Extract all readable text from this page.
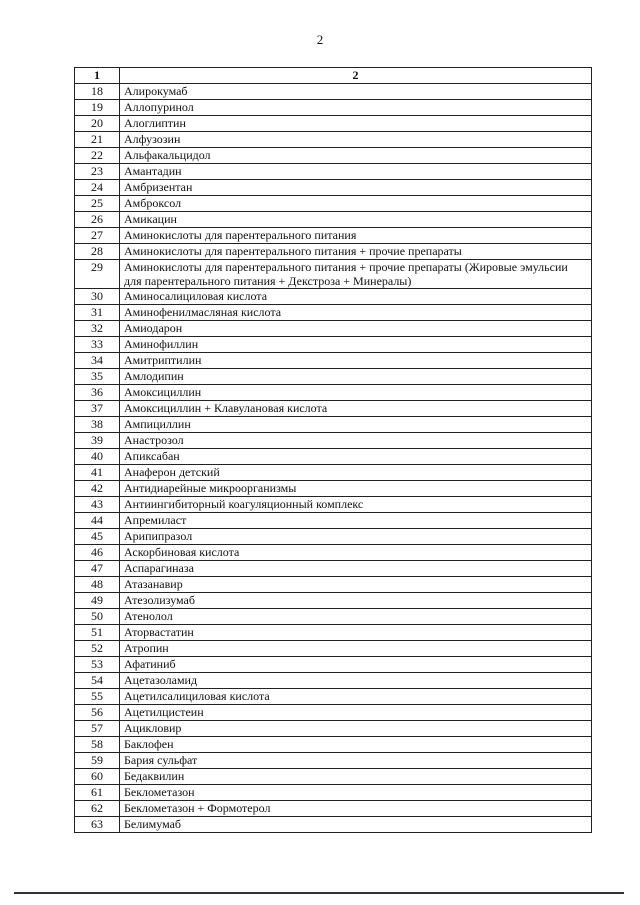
2
1	2
18	Алирокумаб
19	Аллопуринол
20	Алоглиптин
21	Алфузозин
22	Альфакальцидол
23	Амантадин
24	Амбризентан
25	Амброксол
26	Амикацин
27	Аминокислоты для парентерального питания
28	Аминокислоты для парентерального питания + прочие препараты
29	Аминокислоты для парентерального питания + прочие препараты (Жировые эмульсии для парентерального питания + Декстроза + Минералы)
30	Аминосалициловая кислота
31	Аминофенилмасляная кислота
32	Амиодарон
33	Аминофиллин
34	Амитриптилин
35	Амлодипин
36	Амоксициллин
37	Амоксициллин + Клавулановая кислота
38	Ампициллин
39	Анастрозол
40	Апиксабан
41	Анаферон детский
42	Антидиарейные микроорганизмы
43	Антиингибиторный коагуляционный комплекс
44	Апремиласт
45	Арипипразол
46	Аскорбиновая кислота
47	Аспарагиназа
48	Атазанавир
49	Атезолизумаб
50	Атенолол
51	Аторвастатин
52	Атропин
53	Афатиниб
54	Ацетазоламид
55	Ацетилсалициловая кислота
56	Ацетилцистеин
57	Ацикловир
58	Баклофен
59	Бария сульфат
60	Бедаквилин
61	Беклометазон
62	Беклометазон + Формотерол
63	Белимумаб
